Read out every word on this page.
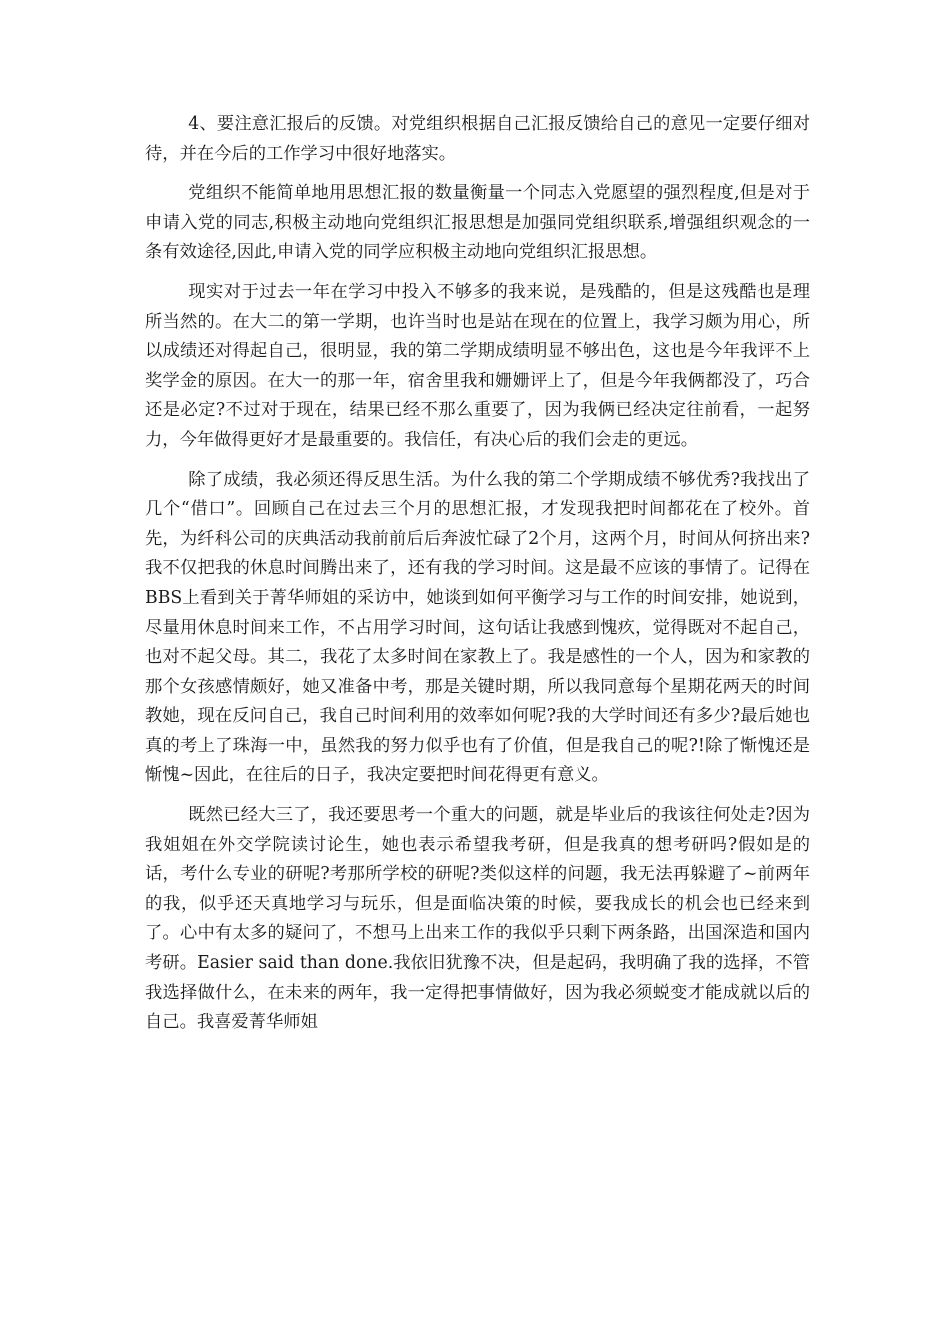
4、要注意汇报后的反馈。对党组织根据自己汇报反馈给自己的意见一定要仔细对待，并在今后的工作学习中很好地落实。

党组织不能简单地用思想汇报的数量衡量一个同志入党愿望的强烈程度,但是对于申请入党的同志,积极主动地向党组织汇报思想是加强同党组织联系,增强组织观念的一条有效途径,因此,申请入党的同学应积极主动地向党组织汇报思想。

现实对于过去一年在学习中投入不够多的我来说，是残酷的，但是这残酷也是理所当然的。在大二的第一学期，也许当时也是站在现在的位置上，我学习颇为用心，所以成绩还对得起自己，很明显，我的第二学期成绩明显不够出色，这也是今年我评不上奖学金的原因。在大一的那一年，宿舍里我和姗姗评上了，但是今年我俩都没了，巧合还是必定?不过对于现在，结果已经不那么重要了，因为我俩已经决定往前看，一起努力，今年做得更好才是最重要的。我信任，有决心后的我们会走的更远。

除了成绩，我必须还得反思生活。为什么我的第二个学期成绩不够优秀?我找出了几个“借口”。回顾自己在过去三个月的思想汇报，才发现我把时间都花在了校外。首先，为纤科公司的庆典活动我前前后后奔波忙碌了2个月，这两个月，时间从何挤出来?我不仅把我的休息时间腾出来了，还有我的学习时间。这是最不应该的事情了。记得在BBS上看到关于菁华师姐的采访中，她谈到如何平衡学习与工作的时间安排，她说到，尽量用休息时间来工作，不占用学习时间，这句话让我感到愧疚，觉得既对不起自己，也对不起父母。其二，我花了太多时间在家教上了。我是感性的一个人，因为和家教的那个女孩感情颇好，她又准备中考，那是关键时期，所以我同意每个星期花两天的时间教她，现在反问自己，我自己时间利用的效率如何呢?我的大学时间还有多少?最后她也真的考上了珠海一中，虽然我的努力似乎也有了价值，但是我自己的呢?!除了惭愧还是惭愧~因此，在往后的日子，我决定要把时间花得更有意义。

既然已经大三了，我还要思考一个重大的问题，就是毕业后的我该往何处走?因为我姐姐在外交学院读讨论生，她也表示希望我考研，但是我真的想考研吗?假如是的话，考什么专业的研呢?考那所学校的研呢?类似这样的问题，我无法再躲避了~前两年的我，似乎还天真地学习与玩乐，但是面临决策的时候，要我成长的机会也已经来到了。心中有太多的疑问了，不想马上出来工作的我似乎只剩下两条路，出国深造和国内考研。Easier said than done.我依旧犹豫不决，但是起码，我明确了我的选择，不管我选择做什么，在未来的两年，我一定得把事情做好，因为我必须蜕变才能成就以后的自己。我喜爱菁华师姐
